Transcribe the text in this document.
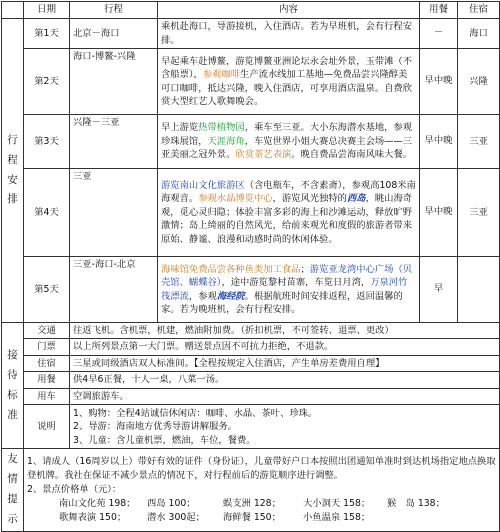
	日期	行程	内容	用餐	住宿

行
程
安
排	第1天	北京－海口	乘机赴海口，导游接机，入住酒店。若为早班机，会有行程安排。	－	海口
	第2天	海口-博鳌-兴隆	早起乘车赴博鳌，游览博鳌亚洲论坛永会址外景，玉带滩（不含船票），参观咖啡生产流水线加工基地—免费品尝兴隆醇美可口咖啡，抵达兴隆，晚入住酒店，可享用酒店温泉。自费欣赏大型红艺人歌舞晚会。	早中晚	兴隆
	第3天	兴隆－三亚	早上游览热带植物园，乘车至三亚。大小东海潜水基地，参观珍珠展馆，天涯海角，车览世界小姐大赛总决赛主会场——三亚美丽之冠外景。欣赏茶艺表演。晚自费品尝海南风味大餐。	早中晚	三亚
	第4天	三亚	游览南山文化旅游区（含电瓶车，不含素斋），参观高108米南海观音。参观水晶博览中心，游览风光独特的西岛，眺山海奇观，觅心灵归隐；体验丰富多彩的海上和沙滩运动，释放旷野激情；岛上绮丽的自然风光，给前来观光和度假的旅游者带来原始、静谧、浪漫和动感时尚的休闲体验。	早中晚	三亚
	第5天	三亚-海口-北京	海味馆免费品尝各种鱼类加工食品；游览亚龙湾中心广场（贝壳馆、蝴蝶谷），途中游览黎村苗寨，车览日月湾，万泉河竹筏漂流，参观海经院。根据航班时间安排返程，返回温馨的家。若为晚班机，会有行程安排。	早	

接
待
标
准	交通	往返飞机。含机票，机建，燃油附加费。（折扣机票，不可签转、退票、更改）			
	门票	以上所列景点第一大门票。赠送景点因不可抗力拒绝，不退款。			
	住宿	三星或同级酒店双人标准间。【全程按规定入住酒店，产生单房差费用自理】			
	用餐	供4早6正餐，十人一桌，八菜一汤。			
	用车	空调旅游车。			
	说明	1、购物：全程4站诚信休闲店：咖啡、水晶、茶叶、珍珠。
2、导游：海南地方优秀导游讲解服务。
3、儿童：含儿童机票，燃油，车位，餐费。			

友
情
提
示	1、请成人（16周岁以上）带好有效的证件（身份证），儿童带好户口本按照出团通知单准时到达机场指定地点换取登机牌。我社在保证不减少景点的情况下，对行程前后的游览顺序进行调整。
2、景点价格单（元）：
南山文化苑 198； 西岛 100； 蜈支洲 128； 大小洞天 158； 猴　岛 138；
歌舞表演 150； 潜水 300起； 海鲜餐 150； 小鱼温泉 158；				
